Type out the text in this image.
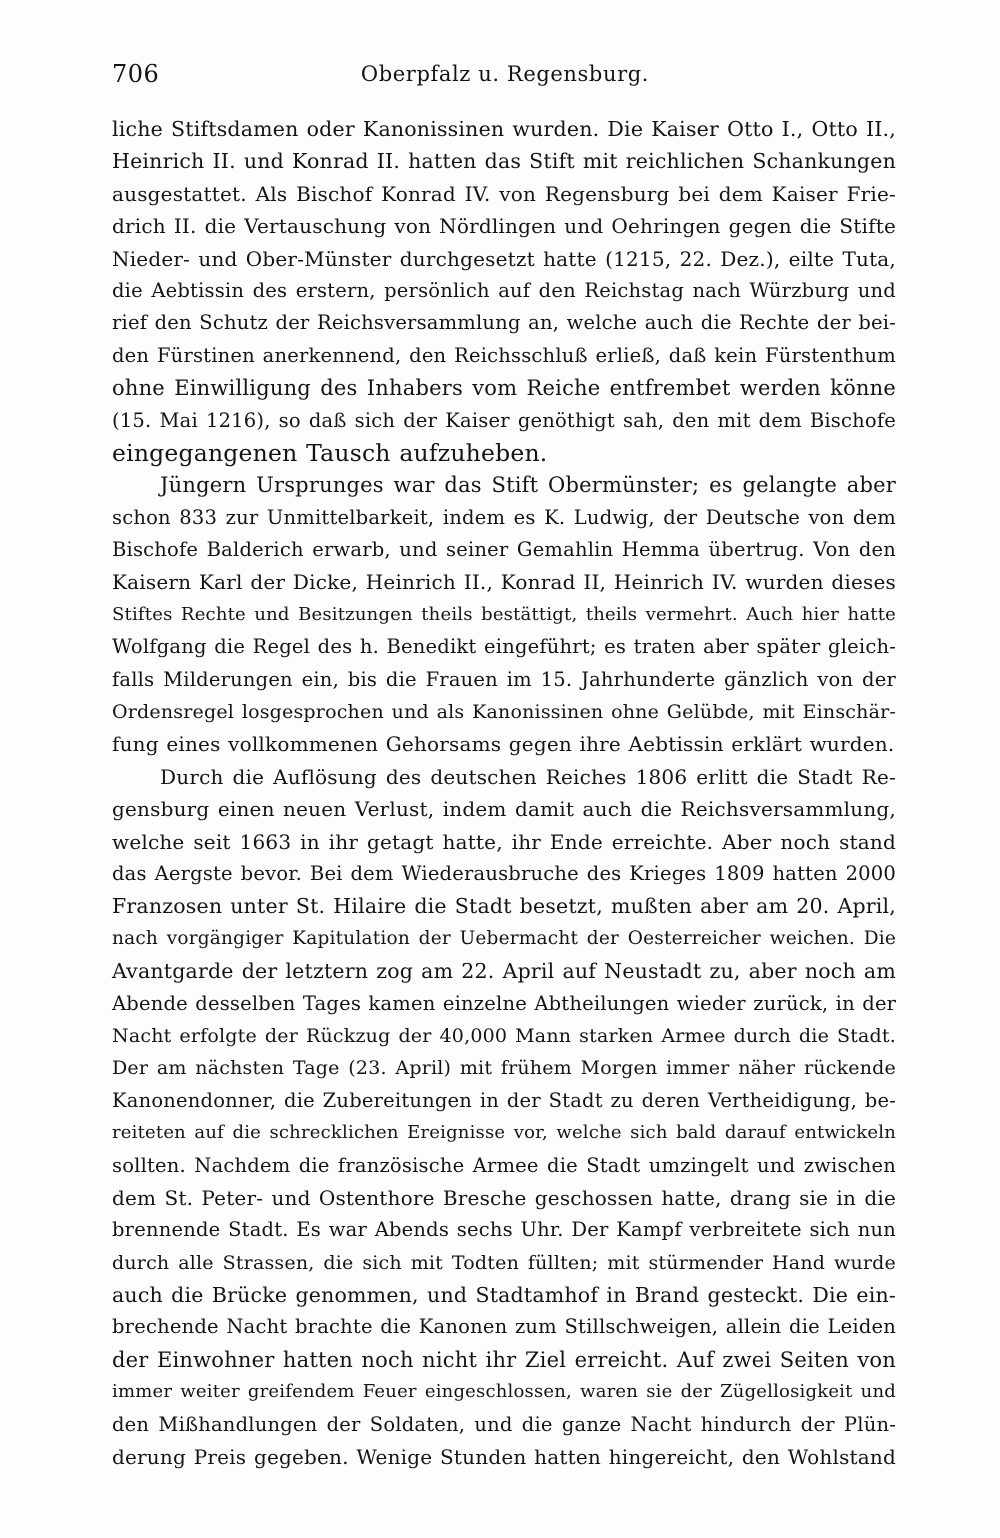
706	Oberpfalz u. Regensburg.
liche Stiftsdamen oder Kanonissinen wurden. Die Kaiser Otto I., Otto II.,
Heinrich II. und Konrad II. hatten das Stift mit reichlichen Schankungen
ausgestattet. Als Bischof Konrad IV. von Regensburg bei dem Kaiser Frie-
drich II. die Vertauschung von Nördlingen und Oehringen gegen die Stifte
Nieder- und Ober-Münster durchgesetzt hatte (1215, 22. Dez.), eilte Tuta,
die Aebtissin des erstern, persönlich auf den Reichstag nach Würzburg und
rief den Schutz der Reichsversammlung an, welche auch die Rechte der bei-
den Fürstinen anerkennend, den Reichsschluß erließ, daß kein Fürstenthum
ohne Einwilligung des Inhabers vom Reiche entfrembet werden könne
(15. Mai 1216), so daß sich der Kaiser genöthigt sah, den mit dem Bischofe
eingegangenen Tausch aufzuheben.
Jüngern Ursprunges war das Stift Obermünster; es gelangte aber
schon 833 zur Unmittelbarkeit, indem es K. Ludwig, der Deutsche von dem
Bischofe Balderich erwarb, und seiner Gemahlin Hemma übertrug. Von den
Kaisern Karl der Dicke, Heinrich II., Konrad II, Heinrich IV. wurden dieses
Stiftes Rechte und Besitzungen theils bestättigt, theils vermehrt. Auch hier hatte
Wolfgang die Regel des h. Benedikt eingeführt; es traten aber später gleich-
falls Milderungen ein, bis die Frauen im 15. Jahrhunderte gänzlich von der
Ordensregel losgesprochen und als Kanonissinen ohne Gelübde, mit Einschär-
fung eines vollkommenen Gehorsams gegen ihre Aebtissin erklärt wurden.
Durch die Auflösung des deutschen Reiches 1806 erlitt die Stadt Re-
gensburg einen neuen Verlust, indem damit auch die Reichsversammlung,
welche seit 1663 in ihr getagt hatte, ihr Ende erreichte. Aber noch stand
das Aergste bevor. Bei dem Wiederausbruche des Krieges 1809 hatten 2000
Franzosen unter St. Hilaire die Stadt besetzt, mußten aber am 20. April,
nach vorgängiger Kapitulation der Uebermacht der Oesterreicher weichen. Die
Avantgarde der letztern zog am 22. April auf Neustadt zu, aber noch am
Abende desselben Tages kamen einzelne Abtheilungen wieder zurück, in der
Nacht erfolgte der Rückzug der 40,000 Mann starken Armee durch die Stadt.
Der am nächsten Tage (23. April) mit frühem Morgen immer näher rückende
Kanonendonner, die Zubereitungen in der Stadt zu deren Vertheidigung, be-
reiteten auf die schrecklichen Ereignisse vor, welche sich bald darauf entwickeln
sollten. Nachdem die französische Armee die Stadt umzingelt und zwischen
dem St. Peter- und Ostenthore Bresche geschossen hatte, drang sie in die
brennende Stadt. Es war Abends sechs Uhr. Der Kampf verbreitete sich nun
durch alle Strassen, die sich mit Todten füllten; mit stürmender Hand wurde
auch die Brücke genommen, und Stadtamhof in Brand gesteckt. Die ein-
brechende Nacht brachte die Kanonen zum Stillschweigen, allein die Leiden
der Einwohner hatten noch nicht ihr Ziel erreicht. Auf zwei Seiten von
immer weiter greifendem Feuer eingeschlossen, waren sie der Zügellosigkeit und
den Mißhandlungen der Soldaten, und die ganze Nacht hindurch der Plün-
derung Preis gegeben. Wenige Stunden hatten hingereicht, den Wohlstand
